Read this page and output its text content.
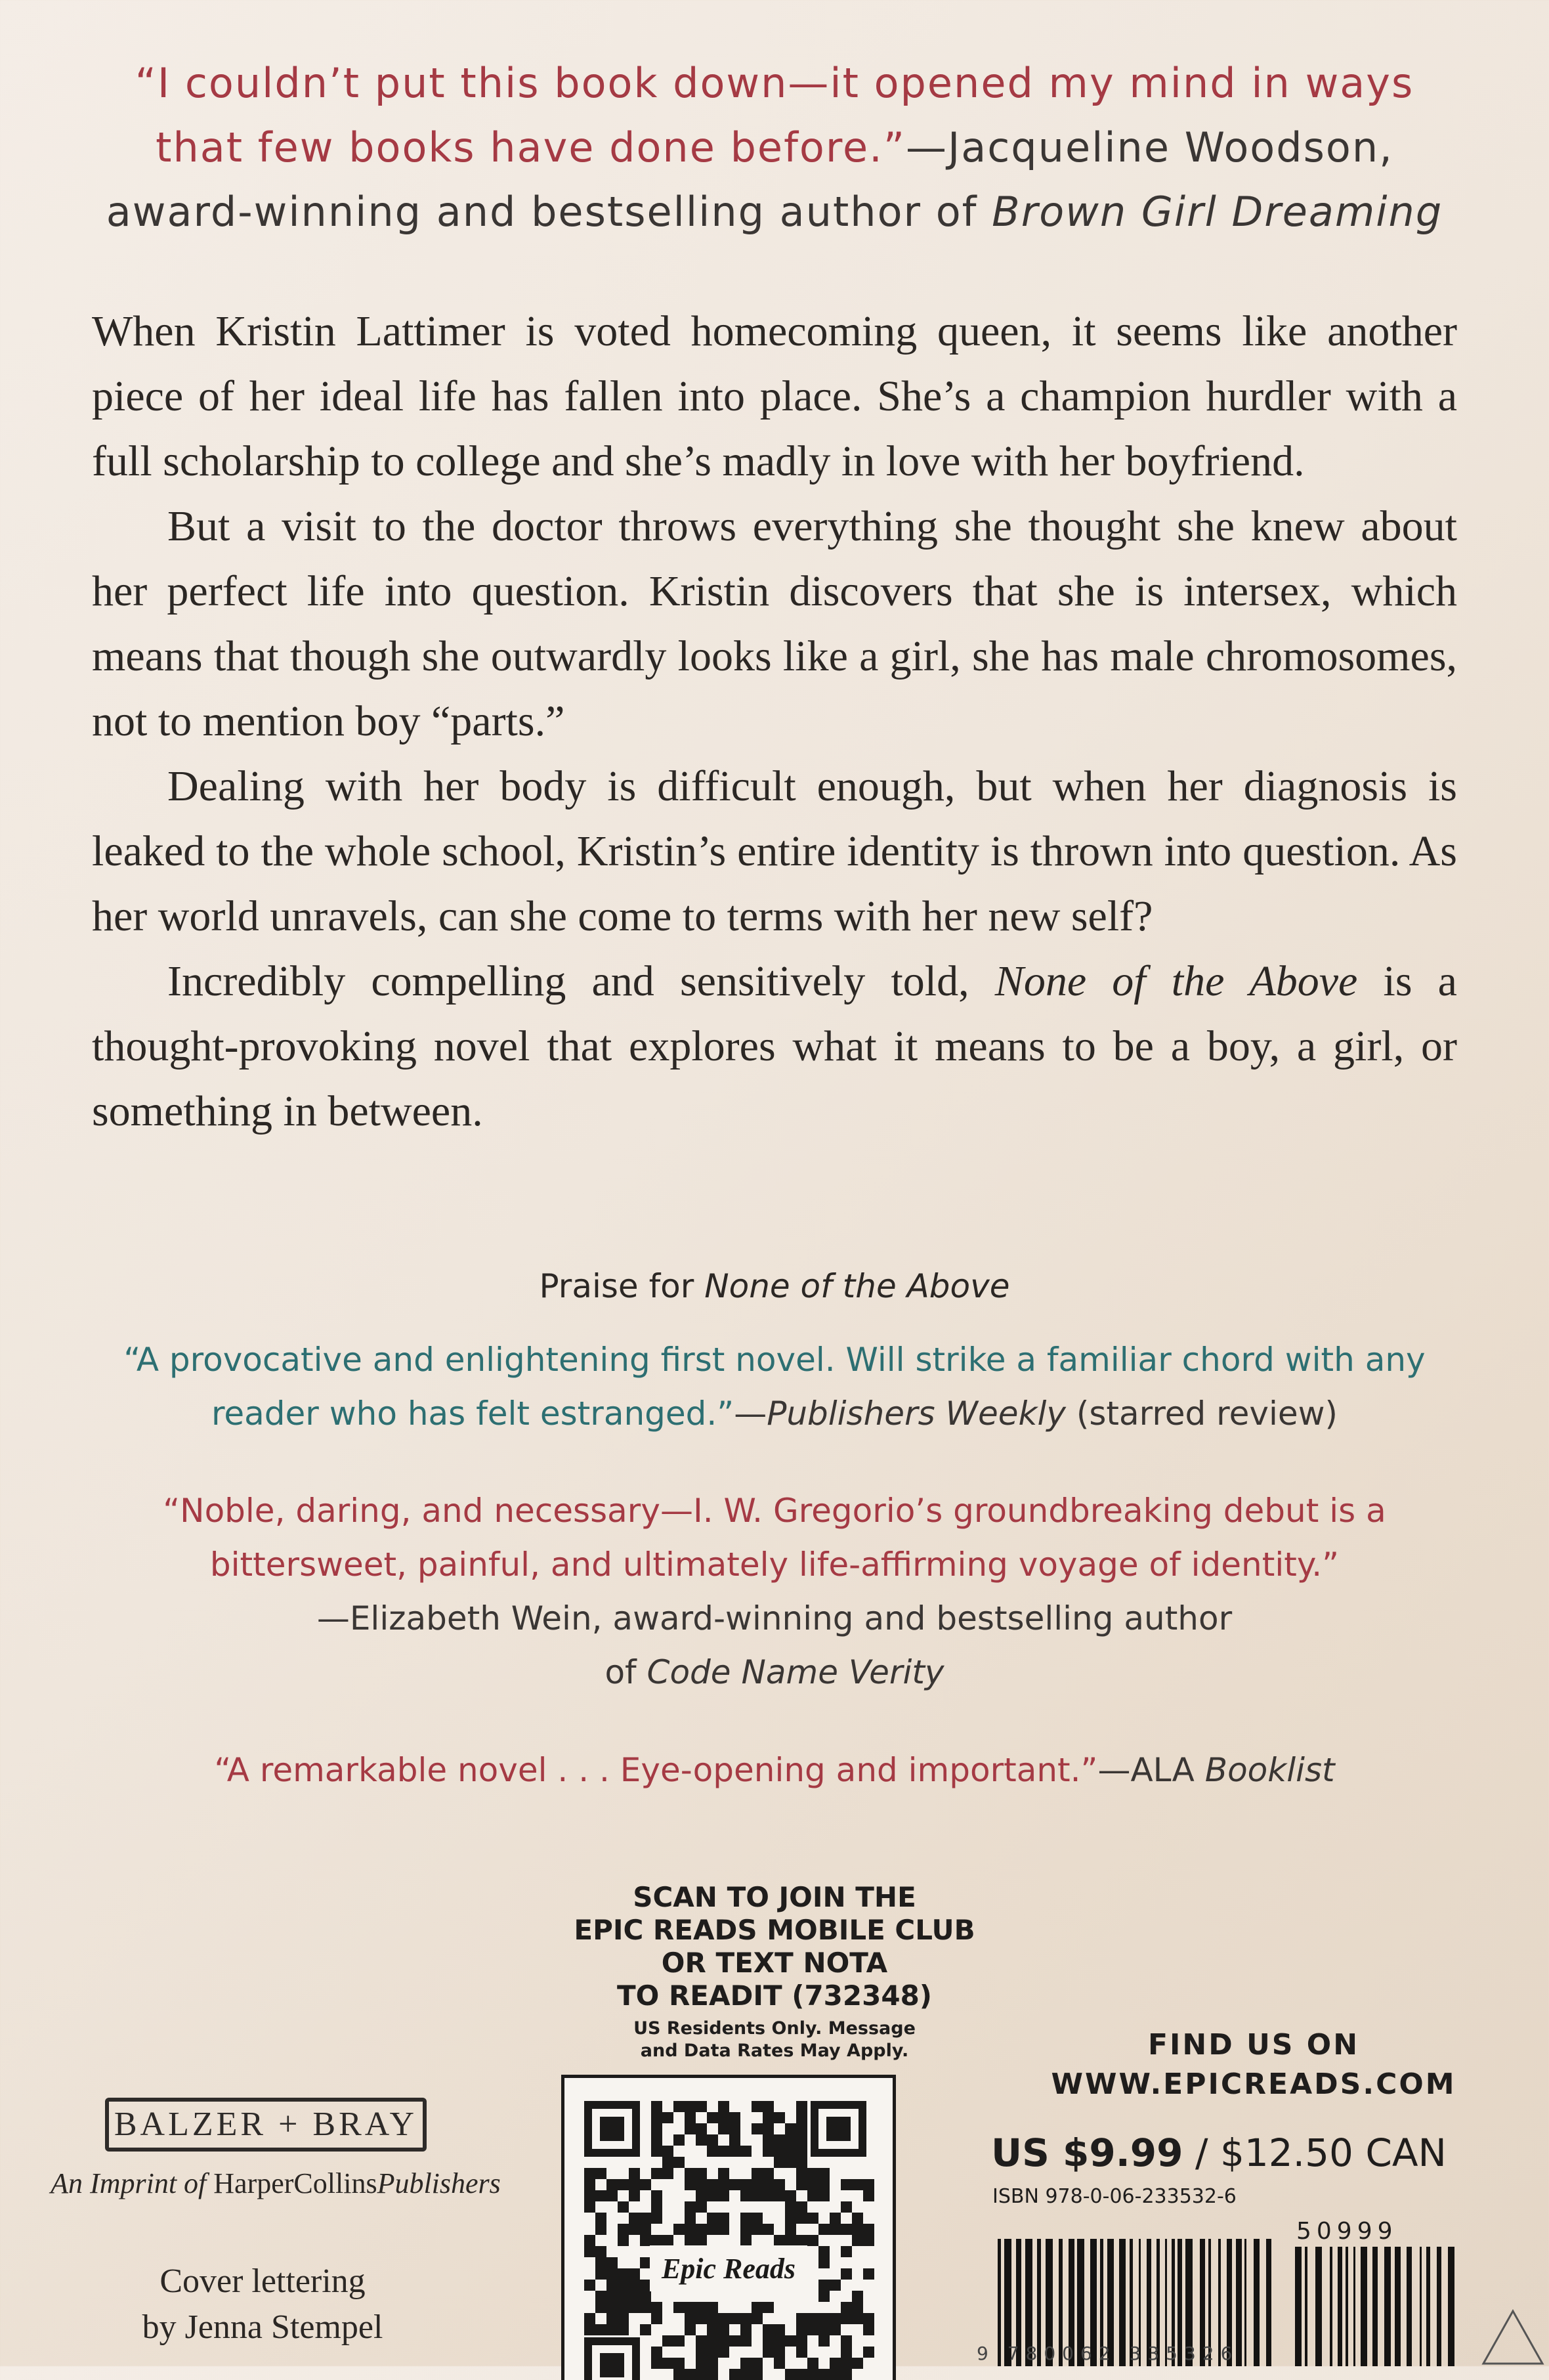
“I couldn’t put this book down—it opened my mind in ways that few books have done before.”—Jacqueline Woodson, award-winning and bestselling author of Brown Girl Dreaming

When Kristin Lattimer is voted homecoming queen, it seems like another piece of her ideal life has fallen into place. She’s a champion hurdler with a full scholarship to college and she’s madly in love with her boyfriend.

But a visit to the doctor throws everything she thought she knew about her perfect life into question. Kristin discovers that she is intersex, which means that though she outwardly looks like a girl, she has male chromosomes, not to mention boy “parts.”

Dealing with her body is difficult enough, but when her diagnosis is leaked to the whole school, Kristin’s entire identity is thrown into question. As her world unravels, can she come to terms with her new self?

Incredibly compelling and sensitively told, None of the Above is a thought-provoking novel that explores what it means to be a boy, a girl, or something in between.

Praise for None of the Above
“A provocative and enlightening first novel. Will strike a familiar chord with any reader who has felt estranged.”—Publishers Weekly (starred review)
“Noble, daring, and necessary—I. W. Gregorio’s groundbreaking debut is a bittersweet, painful, and ultimately life-affirming voyage of identity.”
—Elizabeth Wein, award-winning and bestselling author
of Code Name Verity
“A remarkable novel . . . Eye-opening and important.”—ALA Booklist
SCAN TO JOIN THE
EPIC READS MOBILE CLUB
OR TEXT NOTA
TO READIT (732348)
US Residents Only. Message
and Data Rates May Apply.
Epic Reads
BALZER + BRAY
An Imprint of HarperCollinsPublishers
Cover lettering
by Jenna Stempel
FIND US ON
WWW.EPICREADS.COM
US $9.99 / $12.50 CAN
ISBN 978-0-06-233532-6
50999
9 780062 335326
